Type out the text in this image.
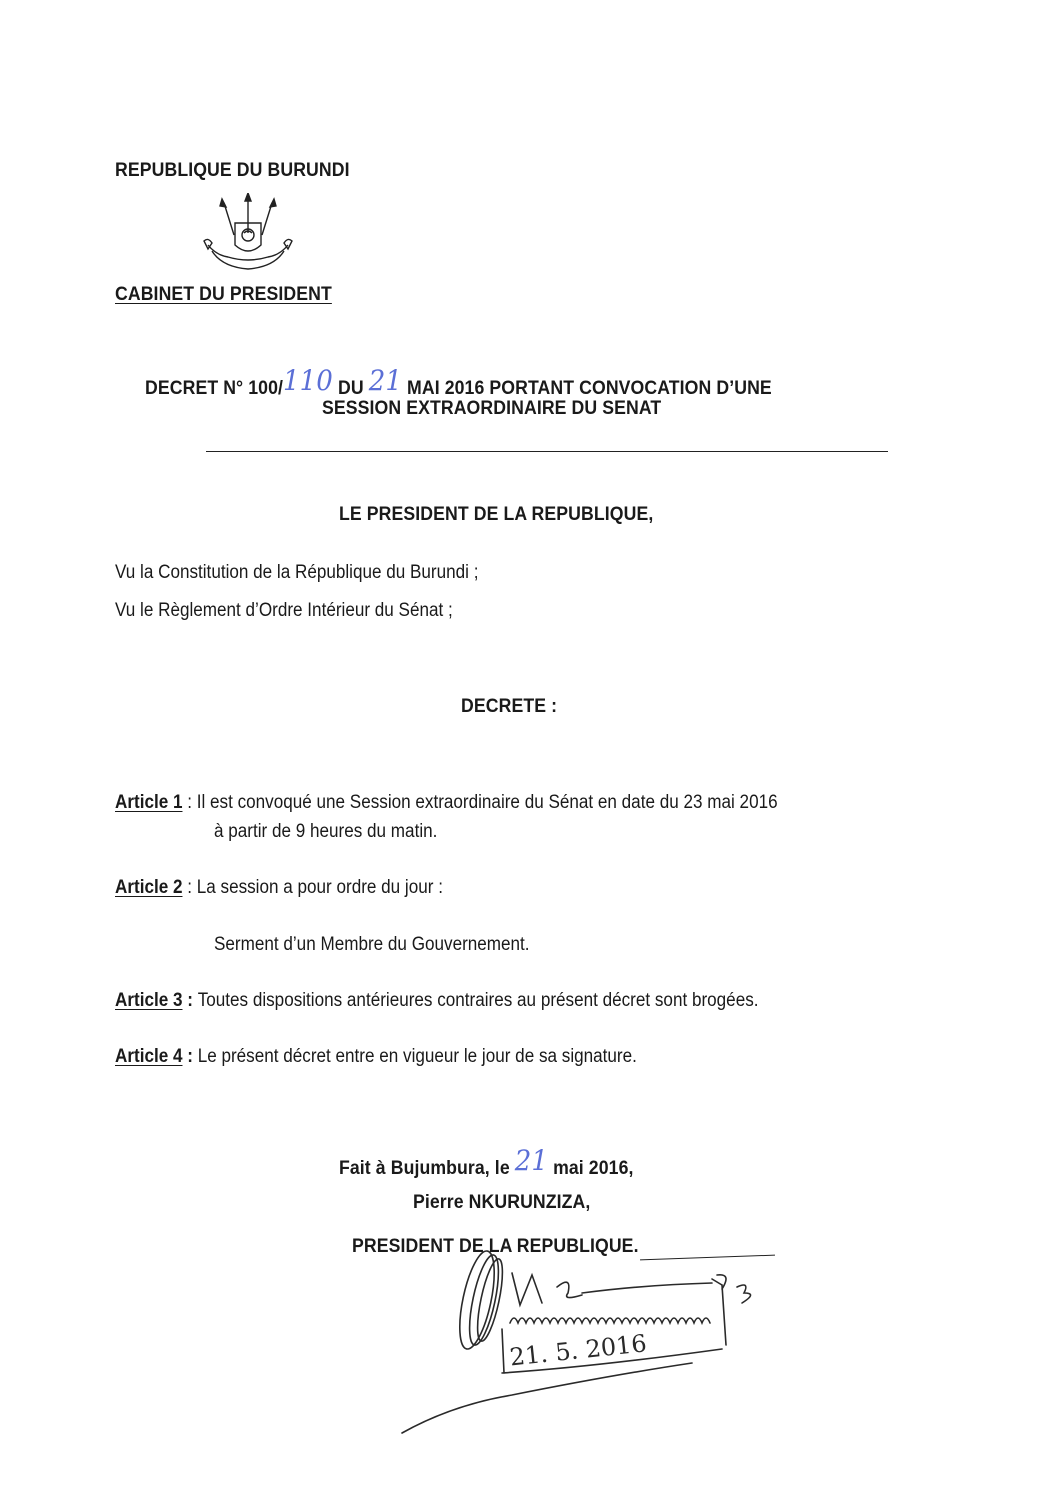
REPUBLIQUE DU BURUNDI
CABINET DU PRESIDENT
DECRET N° 100/110 DU 21 MAI 2016 PORTANT CONVOCATION D’UNE
SESSION EXTRAORDINAIRE DU SENAT
LE PRESIDENT DE LA REPUBLIQUE,
Vu la Constitution de la République du Burundi ;
Vu le Règlement d’Ordre Intérieur du Sénat ;
DECRETE :
Article 1 : Il est convoqué une Session extraordinaire du Sénat en date du 23 mai 2016
à partir de 9 heures du matin.
Article 2 : La session a pour ordre du jour :
Serment d’un Membre du Gouvernement.
Article 3 : Toutes dispositions antérieures contraires au présent décret sont brogées.
Article 4 : Le présent décret entre en vigueur le jour de sa signature.
Fait à Bujumbura, le 21 mai 2016,
Pierre NKURUNZIZA,
PRESIDENT DE LA REPUBLIQUE.
21. 5. 2016
